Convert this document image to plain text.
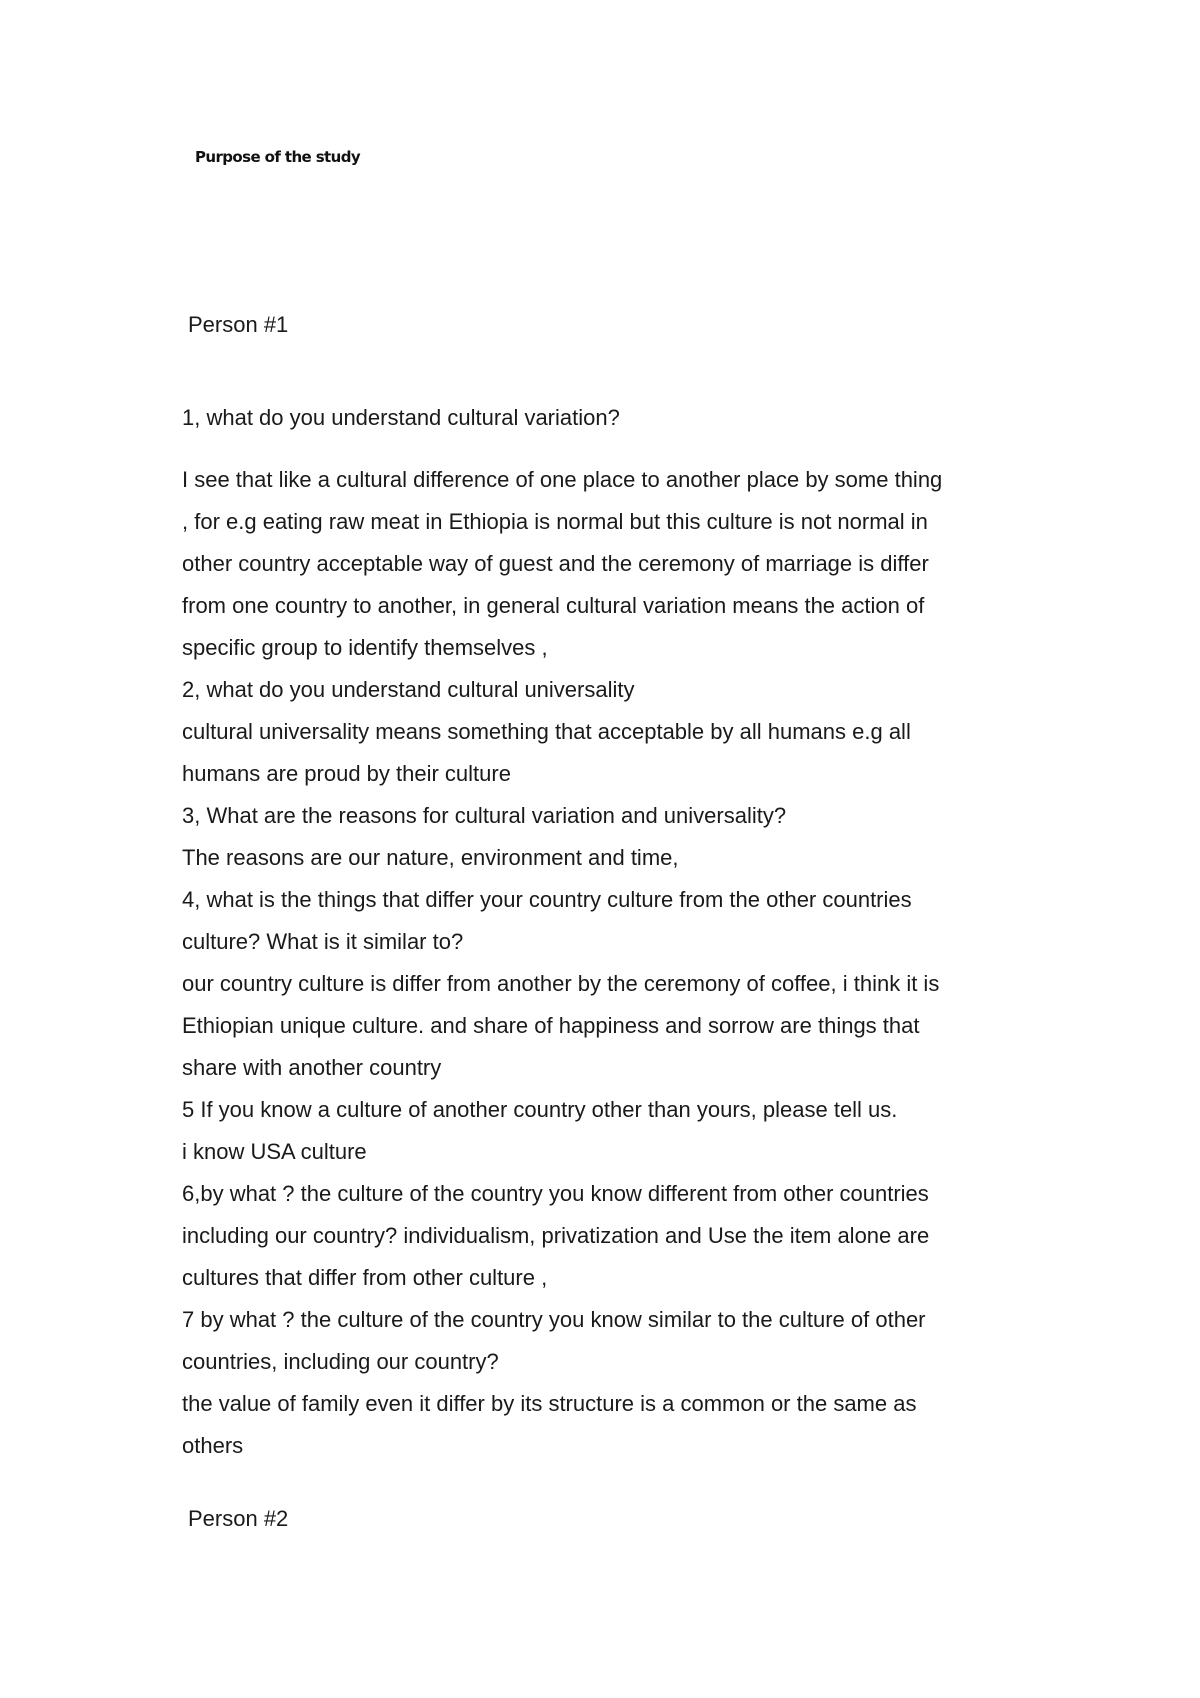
Purpose of the study
Person #1
1, what do you understand cultural variation?
I see that like a cultural difference of one place to another place by some thing
, for e.g eating raw meat in Ethiopia is normal but this culture is not normal in
other country acceptable way of guest and the ceremony of marriage is differ
from one country to another, in general cultural variation means the action of
specific group to identify themselves ,
2, what do you understand cultural universality
cultural universality means something that acceptable by all humans e.g all
humans are proud by their culture
3, What are the reasons for cultural variation and universality?
The reasons are our nature, environment and time,
4, what is the things that differ your country culture from the other countries
culture? What is it similar to?
our country culture is differ from another by the ceremony of coffee, i think it is
Ethiopian unique culture. and share of happiness and sorrow are things that
share with another country
5 If you know a culture of another country other than yours, please tell us.
i know USA culture
6,by what ? the culture of the country you know different from other countries
including our country? individualism, privatization and Use the item alone are
cultures that differ from other culture ,
7 by what ? the culture of the country you know similar to the culture of other
countries, including our country?
the value of family even it differ by its structure is a common or the same as
others
Person #2
